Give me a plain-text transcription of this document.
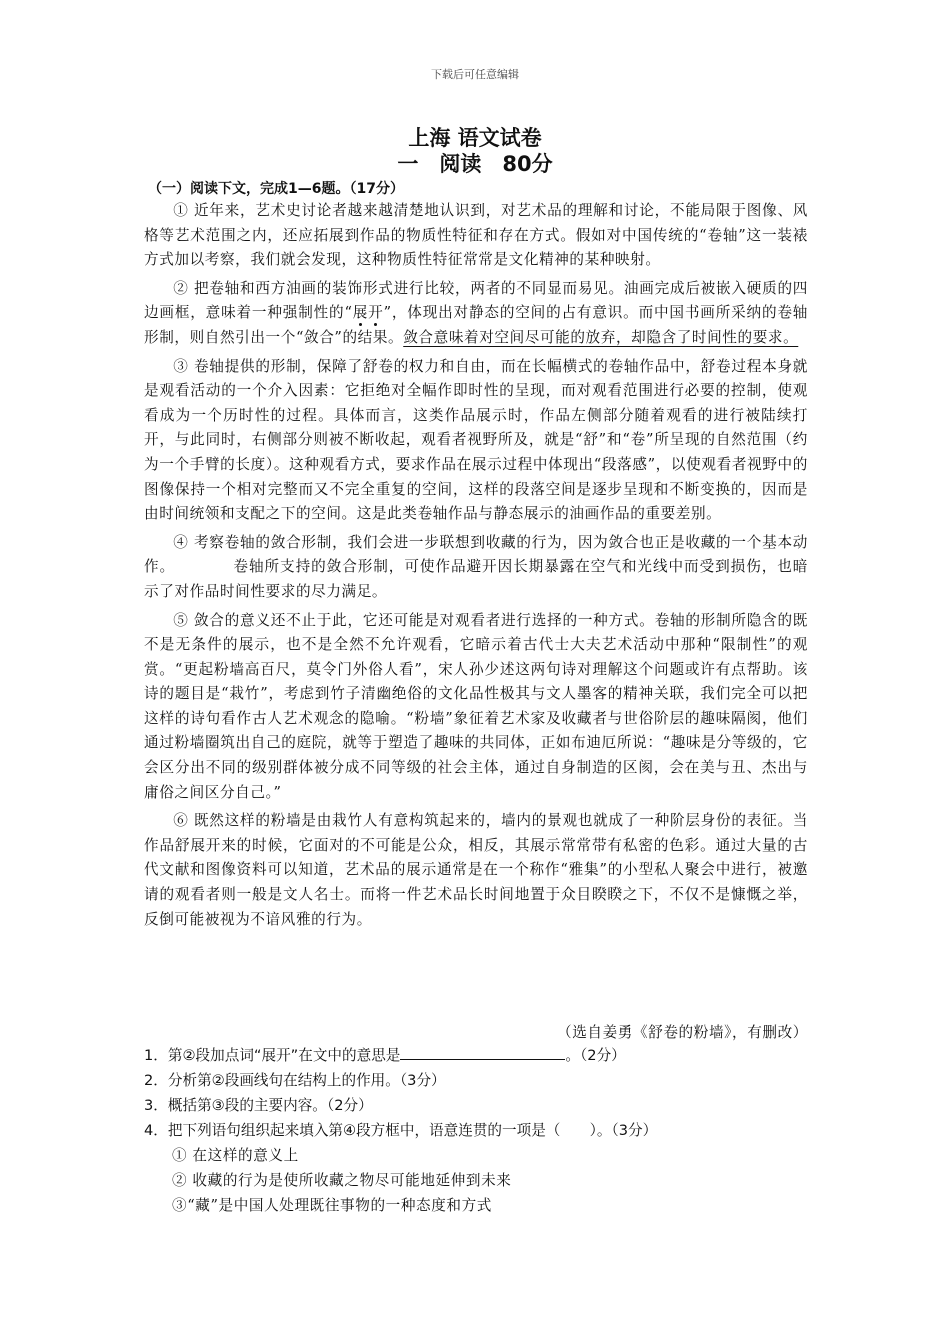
下载后可任意编辑
上海 语文试卷
一　阅读　80分
（一）阅读下文，完成1—6题。（17分）

① 近年来，艺术史讨论者越来越清楚地认识到，对艺术品的理解和讨论，不能局限于图像、风格等艺术范围之内，还应拓展到作品的物质性特征和存在方式。假如对中国传统的“卷轴”这一装裱方式加以考察，我们就会发现，这种物质性特征常常是文化精神的某种映射。

② 把卷轴和西方油画的装饰形式进行比较，两者的不同显而易见。油画完成后被嵌入硬质的四边画框，意味着一种强制性的“展开”，体现出对静态的空间的占有意识。而中国书画所采纳的卷轴形制，则自然引出一个“敛合”的结果。敛合意味着对空间尽可能的放弃，却隐含了时间性的要求。

③ 卷轴提供的形制，保障了舒卷的权力和自由，而在长幅横式的卷轴作品中，舒卷过程本身就是观看活动的一个介入因素：它拒绝对全幅作即时性的呈现，而对观看范围进行必要的控制，使观看成为一个历时性的过程。具体而言，这类作品展示时，作品左侧部分随着观看的进行被陆续打开，与此同时，右侧部分则被不断收起，观看者视野所及，就是“舒”和“卷”所呈现的自然范围（约为一个手臂的长度）。这种观看方式，要求作品在展示过程中体现出“段落感”，以使观看者视野中的图像保持一个相对完整而又不完全重复的空间，这样的段落空间是逐步呈现和不断变换的，因而是由时间统领和支配之下的空间。这是此类卷轴作品与静态展示的油画作品的重要差别。

④ 考察卷轴的敛合形制，我们会进一步联想到收藏的行为，因为敛合也正是收藏的一个基本动作。	卷轴所支持的敛合形制，可使作品避开因长期暴露在空气和光线中而受到损伤，也暗示了对作品时间性要求的尽力满足。

⑤ 敛合的意义还不止于此，它还可能是对观看者进行选择的一种方式。卷轴的形制所隐含的既不是无条件的展示，也不是全然不允许观看，它暗示着古代士大夫艺术活动中那种“限制性”的观赏。“更起粉墙高百尺，莫令门外俗人看”，宋人孙少述这两句诗对理解这个问题或许有点帮助。该诗的题目是“栽竹”，考虑到竹子清幽绝俗的文化品性极其与文人墨客的精神关联，我们完全可以把这样的诗句看作古人艺术观念的隐喻。“粉墙”象征着艺术家及收藏者与世俗阶层的趣味隔阂，他们通过粉墙圈筑出自己的庭院，就等于塑造了趣味的共同体，正如布迪厄所说：“趣味是分等级的，它会区分出不同的级别群体被分成不同等级的社会主体，通过自身制造的区阂，会在美与丑、杰出与庸俗之间区分自己。”

⑥ 既然这样的粉墙是由栽竹人有意构筑起来的，墙内的景观也就成了一种阶层身份的表征。当作品舒展开来的时候，它面对的不可能是公众，相反，其展示常常带有私密的色彩。通过大量的古代文献和图像资料可以知道，艺术品的展示通常是在一个称作“雅集”的小型私人聚会中进行，被邀请的观看者则一般是文人名士。而将一件艺术品长时间地置于众目睽睽之下，不仅不是慷慨之举，反倒可能被视为不谙风雅的行为。

（选自姜勇《舒卷的粉墙》，有删改）

1．第②段加点词“展开”在文中的意思是	。（2分）

2．分析第②段画线句在结构上的作用。（3分）

3．概括第③段的主要内容。（2分）

4．把下列语句组织起来填入第④段方框中，语意连贯的一项是（　　）。（3分）

① 在这样的意义上

② 收藏的行为是使所收藏之物尽可能地延伸到未来

③“藏”是中国人处理既往事物的一种态度和方式
